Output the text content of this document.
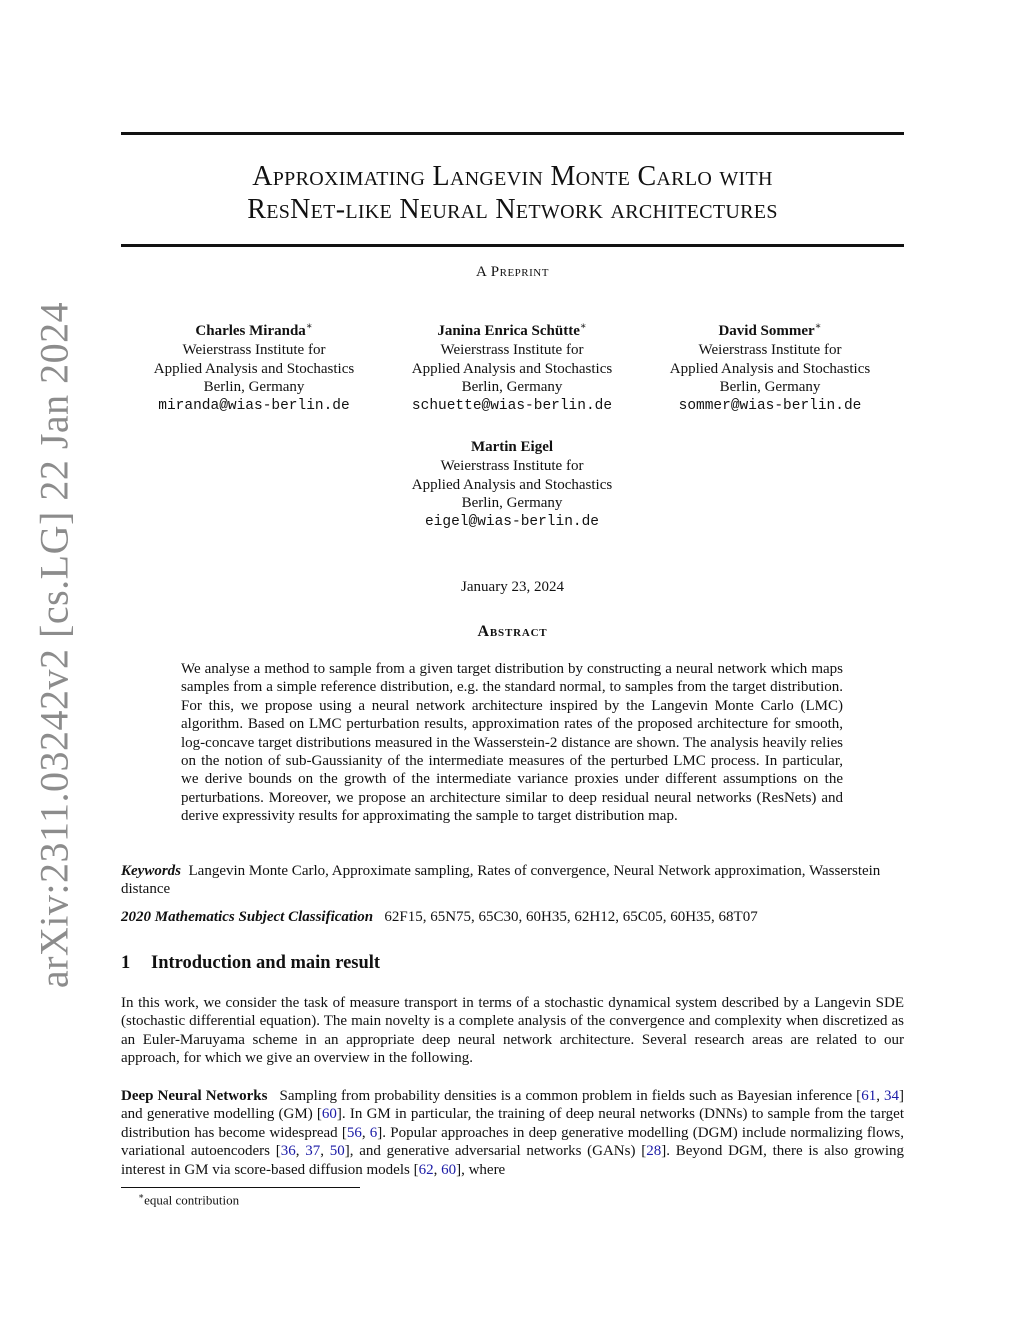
arXiv:2311.03242v2 [cs.LG] 22 Jan 2024
Approximating Langevin Monte Carlo with
ResNet-like Neural Network architectures
A Preprint
Charles Miranda∗
Weierstrass Institute for
Applied Analysis and Stochastics
Berlin, Germany
miranda@wias-berlin.de
Janina Enrica Schütte∗
Weierstrass Institute for
Applied Analysis and Stochastics
Berlin, Germany
schuette@wias-berlin.de
David Sommer∗
Weierstrass Institute for
Applied Analysis and Stochastics
Berlin, Germany
sommer@wias-berlin.de
Martin Eigel
Weierstrass Institute for
Applied Analysis and Stochastics
Berlin, Germany
eigel@wias-berlin.de
January 23, 2024
Abstract
We analyse a method to sample from a given target distribution by constructing a neural network which maps samples from a simple reference distribution, e.g. the standard normal, to samples from the target distribution. For this, we propose using a neural network architecture inspired by the Langevin Monte Carlo (LMC) algorithm. Based on LMC perturbation results, approximation rates of the proposed architecture for smooth, log-concave target distributions measured in the Wasserstein-2 distance are shown. The analysis heavily relies on the notion of sub-Gaussianity of the intermediate measures of the perturbed LMC process. In particular, we derive bounds on the growth of the intermediate variance proxies under different assumptions on the perturbations. Moreover, we propose an architecture similar to deep residual neural networks (ResNets) and derive expressivity results for approximating the sample to target distribution map.
Keywords Langevin Monte Carlo, Approximate sampling, Rates of convergence, Neural Network approximation, Wasserstein distance
2020 Mathematics Subject Classification 62F15, 65N75, 65C30, 60H35, 62H12, 65C05, 60H35, 68T07
1 Introduction and main result
In this work, we consider the task of measure transport in terms of a stochastic dynamical system described by a Langevin SDE (stochastic differential equation). The main novelty is a complete analysis of the convergence and complexity when discretized as an Euler-Maruyama scheme in an appropriate deep neural network architecture. Several research areas are related to our approach, for which we give an overview in the following.
Deep Neural Networks Sampling from probability densities is a common problem in fields such as Bayesian inference [61, 34] and generative modelling (GM) [60]. In GM in particular, the training of deep neural networks (DNNs) to sample from the target distribution has become widespread [56, 6]. Popular approaches in deep generative modelling (DGM) include normalizing flows, variational autoencoders [36, 37, 50], and generative adversarial networks (GANs) [28]. Beyond DGM, there is also growing interest in GM via score-based diffusion models [62, 60], where
∗equal contribution
